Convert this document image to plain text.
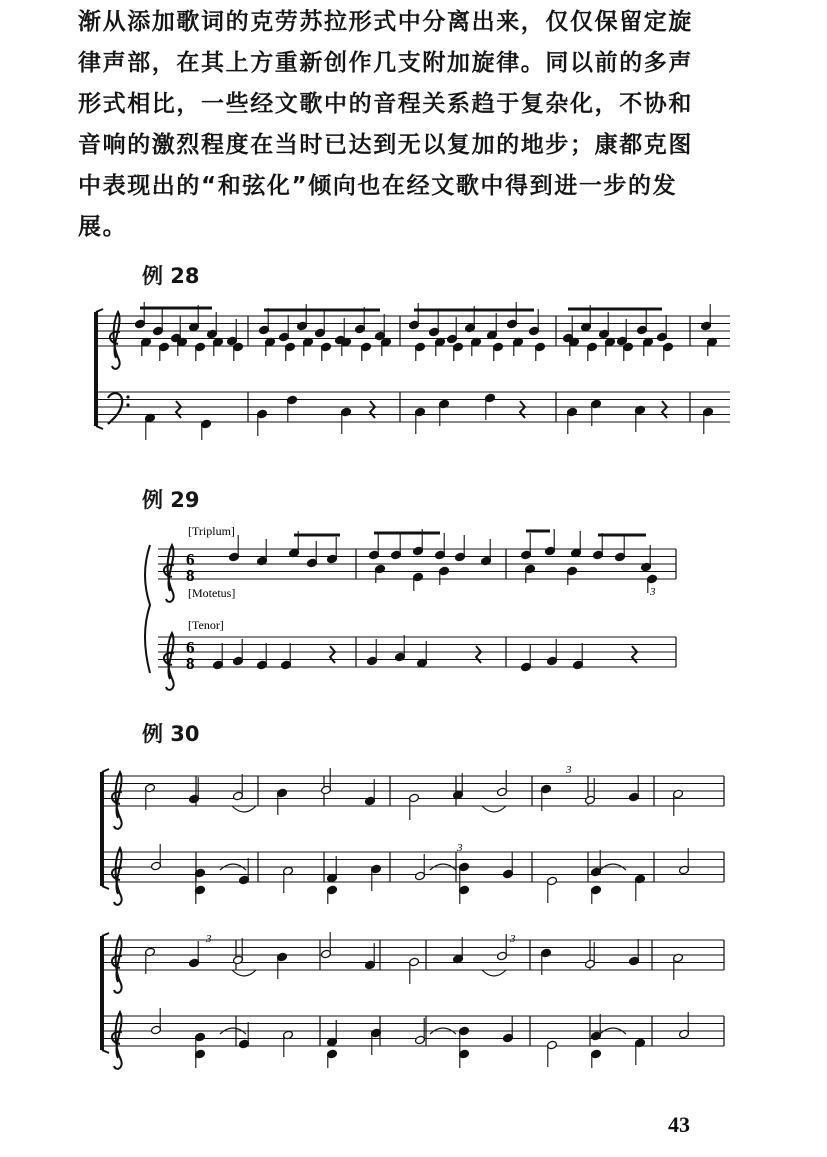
渐从添加歌词的克劳苏拉形式中分离出来，仅仅保留定旋
律声部，在其上方重新创作几支附加旋律。同以前的多声
形式相比，一些经文歌中的音程关系趋于复杂化，不协和
音响的激烈程度在当时已达到无以复加的地步；康都克图
中表现出的“和弦化”倾向也在经文歌中得到进一步的发
展。
例 28
例 29
[Triplum]
[Motetus]
[Tenor]
3
6
8
6
8
例 30
3
3
3	3
43
